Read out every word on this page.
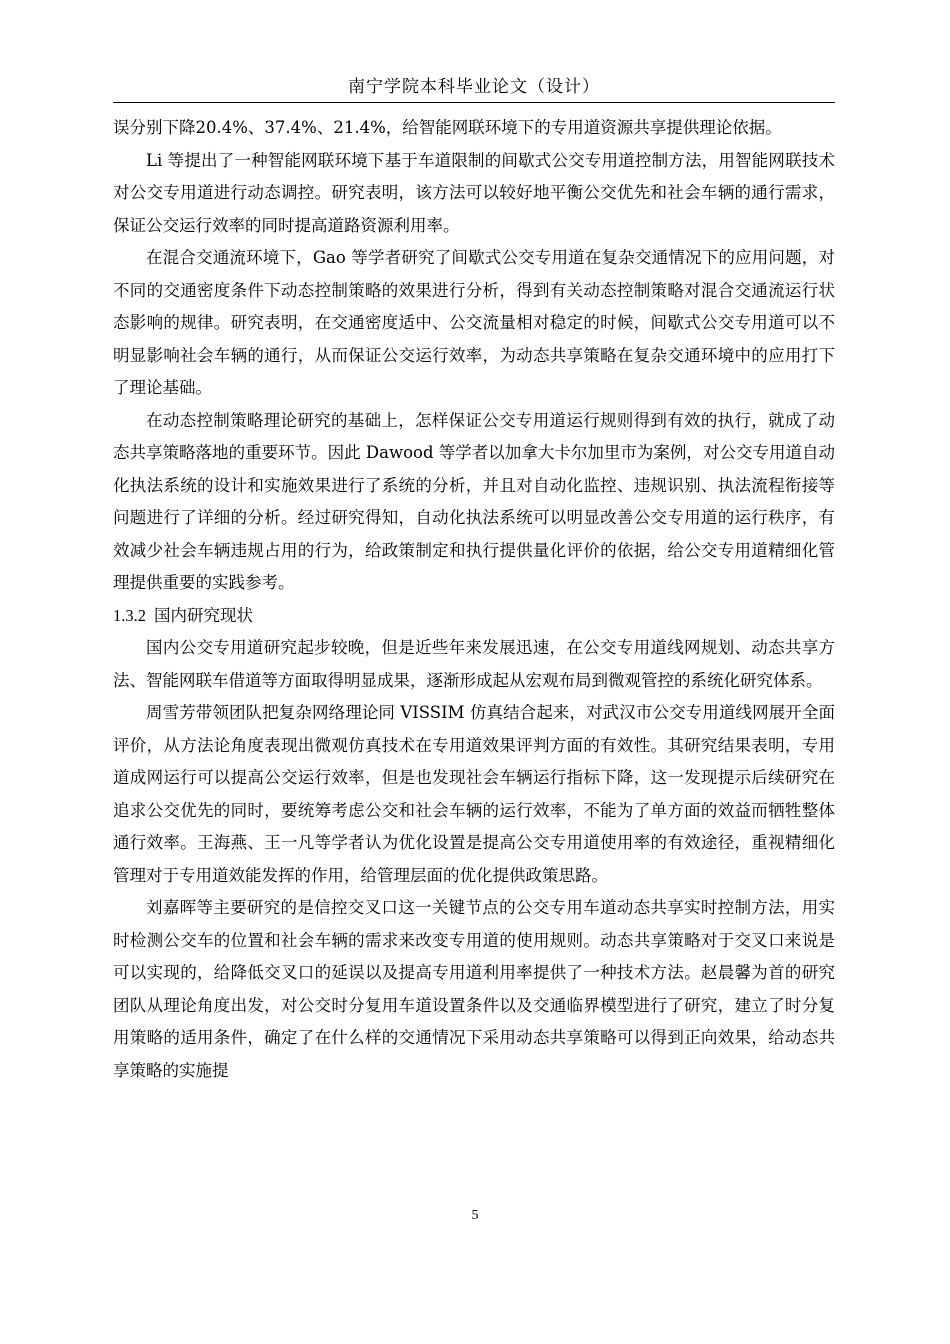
南宁学院本科毕业论文（设计）

误分别下降20.4%、37.4%、21.4%，给智能网联环境下的专用道资源共享提供理论依据。

Li 等提出了一种智能网联环境下基于车道限制的间歇式公交专用道控制方法，用智能网联技术对公交专用道进行动态调控。研究表明，该方法可以较好地平衡公交优先和社会车辆的通行需求，保证公交运行效率的同时提高道路资源利用率。

在混合交通流环境下，Gao 等学者研究了间歇式公交专用道在复杂交通情况下的应用问题，对不同的交通密度条件下动态控制策略的效果进行分析，得到有关动态控制策略对混合交通流运行状态影响的规律。研究表明，在交通密度适中、公交流量相对稳定的时候，间歇式公交专用道可以不明显影响社会车辆的通行，从而保证公交运行效率，为动态共享策略在复杂交通环境中的应用打下了理论基础。

在动态控制策略理论研究的基础上，怎样保证公交专用道运行规则得到有效的执行，就成了动态共享策略落地的重要环节。因此 Dawood 等学者以加拿大卡尔加里市为案例，对公交专用道自动化执法系统的设计和实施效果进行了系统的分析，并且对自动化监控、违规识别、执法流程衔接等问题进行了详细的分析。经过研究得知，自动化执法系统可以明显改善公交专用道的运行秩序，有效减少社会车辆违规占用的行为，给政策制定和执行提供量化评价的依据，给公交专用道精细化管理提供重要的实践参考。

1.3.2 国内研究现状

国内公交专用道研究起步较晚，但是近些年来发展迅速，在公交专用道线网规划、动态共享方法、智能网联车借道等方面取得明显成果，逐渐形成起从宏观布局到微观管控的系统化研究体系。

周雪芳带领团队把复杂网络理论同 VISSIM 仿真结合起来，对武汉市公交专用道线网展开全面评价，从方法论角度表现出微观仿真技术在专用道效果评判方面的有效性。其研究结果表明，专用道成网运行可以提高公交运行效率，但是也发现社会车辆运行指标下降，这一发现提示后续研究在追求公交优先的同时，要统筹考虑公交和社会车辆的运行效率，不能为了单方面的效益而牺牲整体通行效率。王海燕、王一凡等学者认为优化设置是提高公交专用道使用率的有效途径，重视精细化管理对于专用道效能发挥的作用，给管理层面的优化提供政策思路。

刘嘉晖等主要研究的是信控交叉口这一关键节点的公交专用车道动态共享实时控制方法，用实时检测公交车的位置和社会车辆的需求来改变专用道的使用规则。动态共享策略对于交叉口来说是可以实现的，给降低交叉口的延误以及提高专用道利用率提供了一种技术方法。赵晨馨为首的研究团队从理论角度出发，对公交时分复用车道设置条件以及交通临界模型进行了研究，建立了时分复用策略的适用条件，确定了在什么样的交通情况下采用动态共享策略可以得到正向效果，给动态共享策略的实施提

5
